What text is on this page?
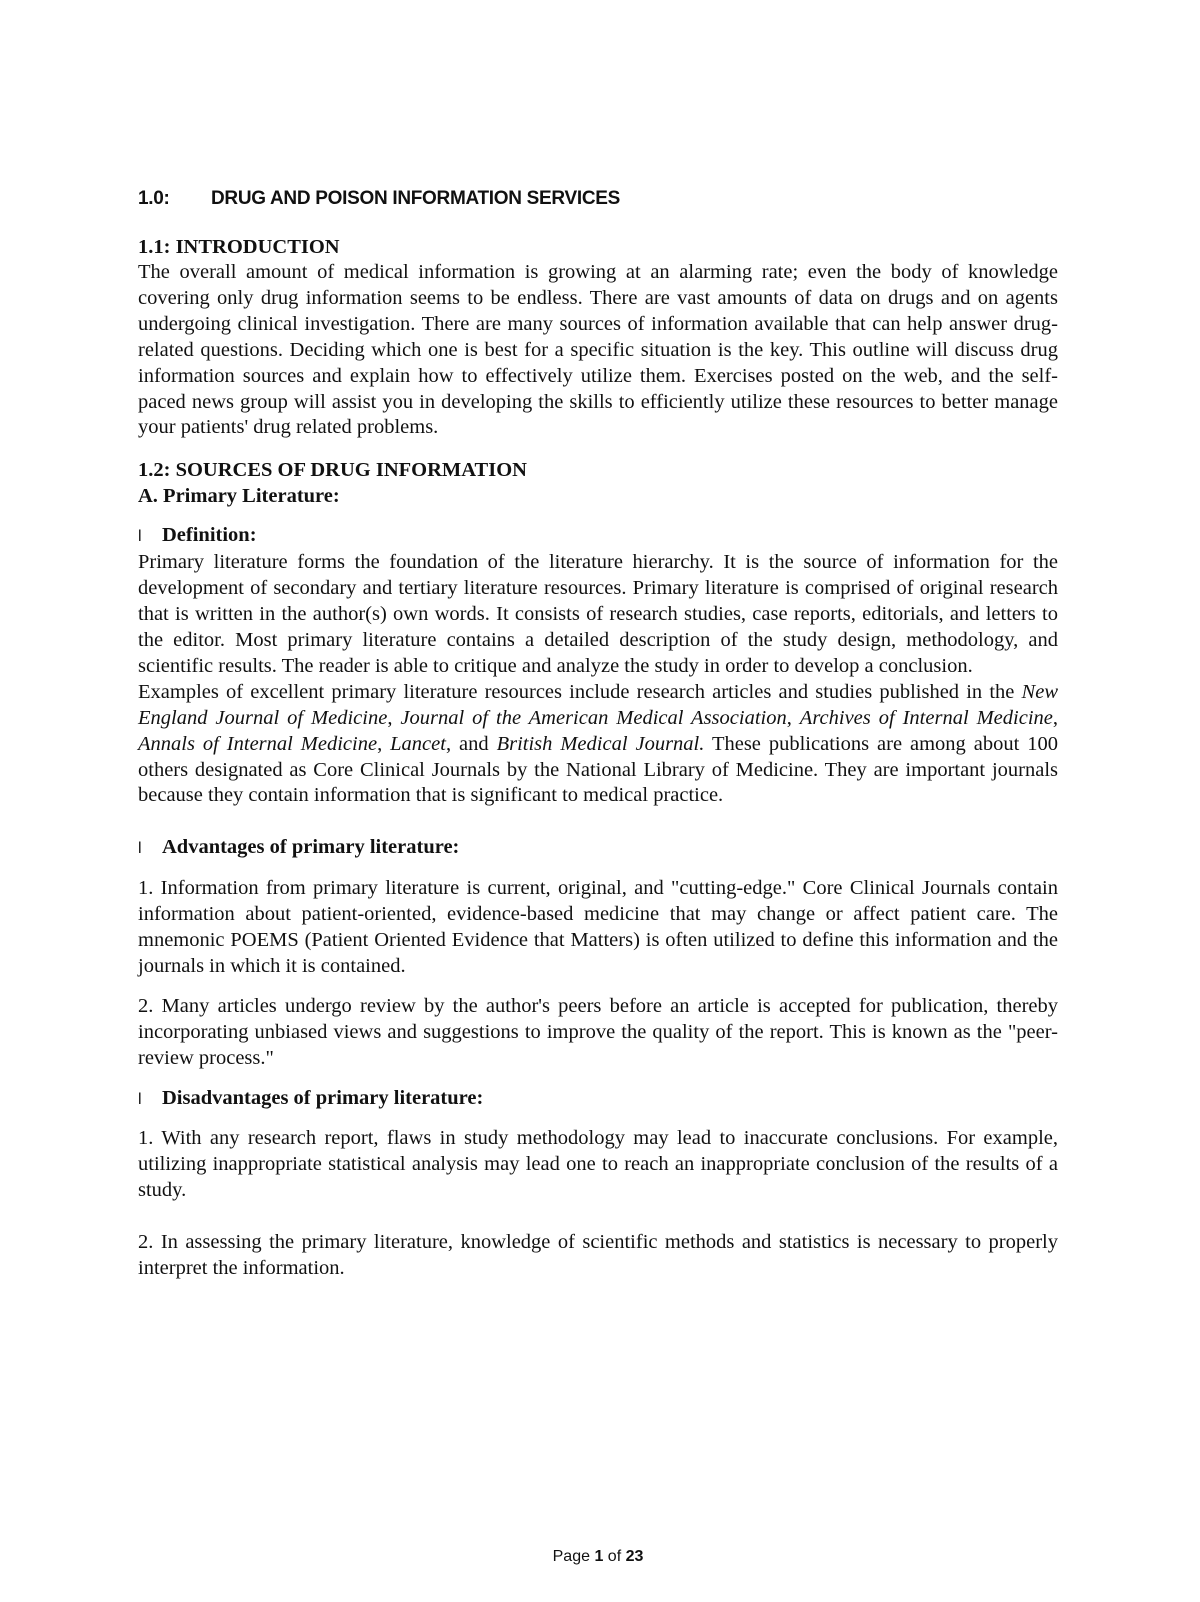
1.0: DRUG AND POISON INFORMATION SERVICES
1.1: INTRODUCTION

The overall amount of medical information is growing at an alarming rate; even the body of knowledge covering only drug information seems to be endless. There are vast amounts of data on drugs and on agents undergoing clinical investigation. There are many sources of information available that can help answer drug-related questions. Deciding which one is best for a specific situation is the key. This outline will discuss drug information sources and explain how to effectively utilize them. Exercises posted on the web, and the self-paced news group will assist you in developing the skills to efficiently utilize these resources to better manage your patients' drug related problems.

1.2: SOURCES OF DRUG INFORMATION
A. Primary Literature:
l Definition:

Primary literature forms the foundation of the literature hierarchy. It is the source of information for the development of secondary and tertiary literature resources. Primary literature is comprised of original research that is written in the author(s) own words. It consists of research studies, case reports, editorials, and letters to the editor. Most primary literature contains a detailed description of the study design, methodology, and scientific results. The reader is able to critique and analyze the study in order to develop a conclusion.

Examples of excellent primary literature resources include research articles and studies published in the New England Journal of Medicine, Journal of the American Medical Association, Archives of Internal Medicine, Annals of Internal Medicine, Lancet, and British Medical Journal. These publications are among about 100 others designated as Core Clinical Journals by the National Library of Medicine. They are important journals because they contain information that is significant to medical practice.

l Advantages of primary literature:

1. Information from primary literature is current, original, and "cutting-edge." Core Clinical Journals contain information about patient-oriented, evidence-based medicine that may change or affect patient care. The mnemonic POEMS (Patient Oriented Evidence that Matters) is often utilized to define this information and the journals in which it is contained.

2. Many articles undergo review by the author's peers before an article is accepted for publication, thereby incorporating unbiased views and suggestions to improve the quality of the report. This is known as the "peer-review process."

l Disadvantages of primary literature:

1. With any research report, flaws in study methodology may lead to inaccurate conclusions. For example, utilizing inappropriate statistical analysis may lead one to reach an inappropriate conclusion of the results of a study.

2. In assessing the primary literature, knowledge of scientific methods and statistics is necessary to properly interpret the information.

Page 1 of 23
